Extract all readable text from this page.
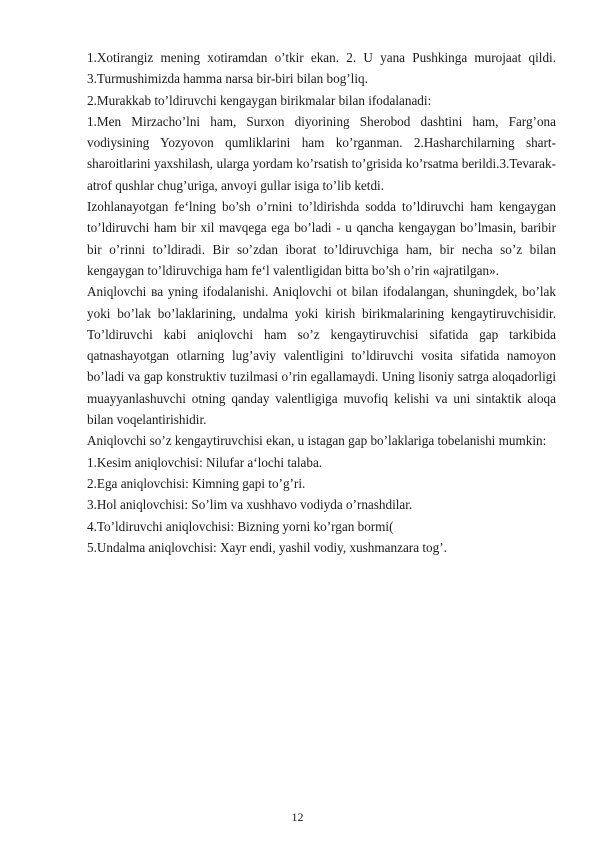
1.Xotirangiz mening xotiramdan o’tkir ekan. 2. U yana Pushkinga murojaat qildi. 3.Turmushimizda hamma narsa bir-biri bilan bog’liq.

2.Murakkab to’ldiruvchi kengaygan birikmalar bilan ifodalanadi:

1.Men Mirzacho’lni ham, Surxon diyorining Sherobod dashtini ham, Farg’ona vodiysining Yozyovon qumliklarini ham ko’rganman. 2.Hasharchilarning shart-sharoitlarini yaxshilash, ularga yordam ko’rsatish to’grisida ko’rsatma berildi.3.Tevarak-atrof qushlar chug’uriga, anvoyi gullar isiga to’lib ketdi.

Izohlanayotgan fe‘lning bo’sh o’rnini to’ldirishda sodda to’ldiruvchi ham kengaygan to’ldiruvchi ham bir xil mavqega ega bo’ladi - u qancha kengaygan bo’lmasin, baribir bir o’rinni to’ldiradi. Bir so’zdan iborat to’ldiruvchiga ham, bir necha so’z bilan kengaygan to’ldiruvchiga ham fe‘l valentligidan bitta bo’sh o’rin «ajratilgan».

Aniqlovchi ва yning ifodalanishi. Aniqlovchi ot bilan ifodalangan, shuningdek, bo’lak yoki bo’lak bo’laklarining, undalma yoki kirish birikmalarining kengaytiruvchisidir. To’ldiruvchi kabi aniqlovchi ham so’z kengaytiruvchisi sifatida gap tarkibida qatnashayotgan otlarning lug’aviy valentligini to’ldiruvchi vosita sifatida namoyon bo’ladi va gap konstruktiv tuzilmasi o’rin egallamaydi. Uning lisoniy satrga aloqadorligi muayyanlashuvchi otning qanday valentligiga muvofiq kelishi va uni sintaktik aloqa bilan voqelantirishidir.

Aniqlovchi so’z kengaytiruvchisi ekan, u istagan gap bo’laklariga tobelanishi mumkin:

1.Kesim aniqlovchisi: Nilufar a‘lochi talaba.

2.Ega aniqlovchisi: Kimning gapi to’g’ri.

3.Hol aniqlovchisi: So’lim va xushhavo vodiyda o’rnashdilar.

4.To’ldiruvchi aniqlovchisi: Bizning yorni ko’rgan bormi(

5.Undalma aniqlovchisi: Xayr endi, yashil vodiy, xushmanzara tog’.

12
